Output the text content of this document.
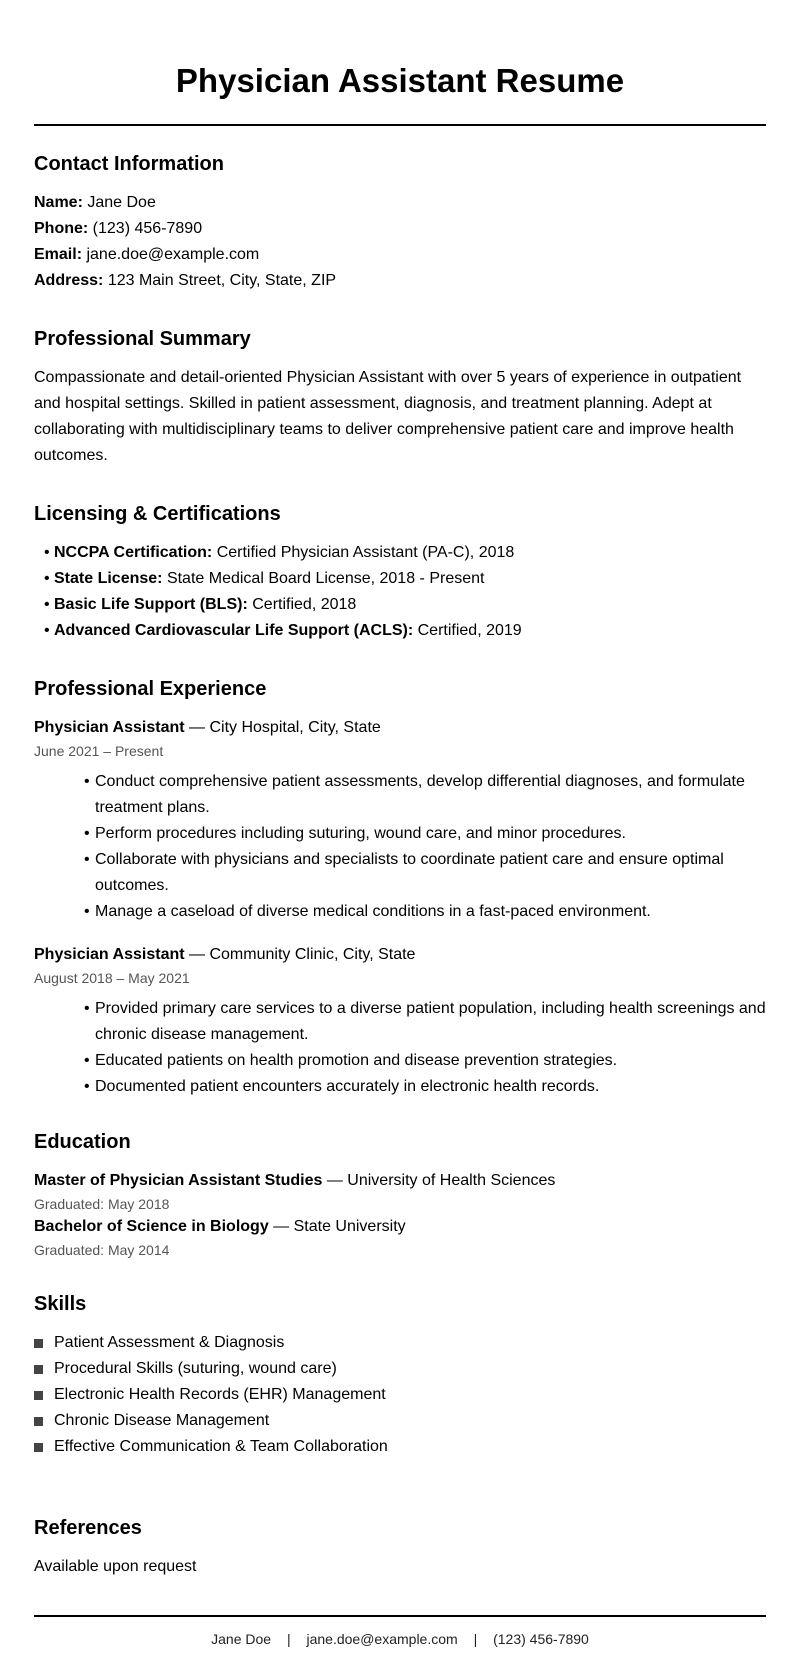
Physician Assistant Resume
Contact Information
Name: Jane Doe
Phone: (123) 456-7890
Email: jane.doe@example.com
Address: 123 Main Street, City, State, ZIP
Professional Summary
Compassionate and detail-oriented Physician Assistant with over 5 years of experience in outpatient and hospital settings. Skilled in patient assessment, diagnosis, and treatment planning. Adept at collaborating with multidisciplinary teams to deliver comprehensive patient care and improve health outcomes.
Licensing & Certifications
• NCCPA Certification: Certified Physician Assistant (PA-C), 2018
• State License: State Medical Board License, 2018 - Present
• Basic Life Support (BLS): Certified, 2018
• Advanced Cardiovascular Life Support (ACLS): Certified, 2019
Professional Experience
Physician Assistant — City Hospital, City, State
June 2021 – Present
• Conduct comprehensive patient assessments, develop differential diagnoses, and formulate treatment plans.
• Perform procedures including suturing, wound care, and minor procedures.
• Collaborate with physicians and specialists to coordinate patient care and ensure optimal outcomes.
• Manage a caseload of diverse medical conditions in a fast-paced environment.
Physician Assistant — Community Clinic, City, State
August 2018 – May 2021
• Provided primary care services to a diverse patient population, including health screenings and chronic disease management.
• Educated patients on health promotion and disease prevention strategies.
• Documented patient encounters accurately in electronic health records.
Education
Master of Physician Assistant Studies — University of Health Sciences
Graduated: May 2018
Bachelor of Science in Biology — State University
Graduated: May 2014
Skills
Patient Assessment & Diagnosis
Procedural Skills (suturing, wound care)
Electronic Health Records (EHR) Management
Chronic Disease Management
Effective Communication & Team Collaboration
References
Available upon request
Jane Doe | jane.doe@example.com | (123) 456-7890
